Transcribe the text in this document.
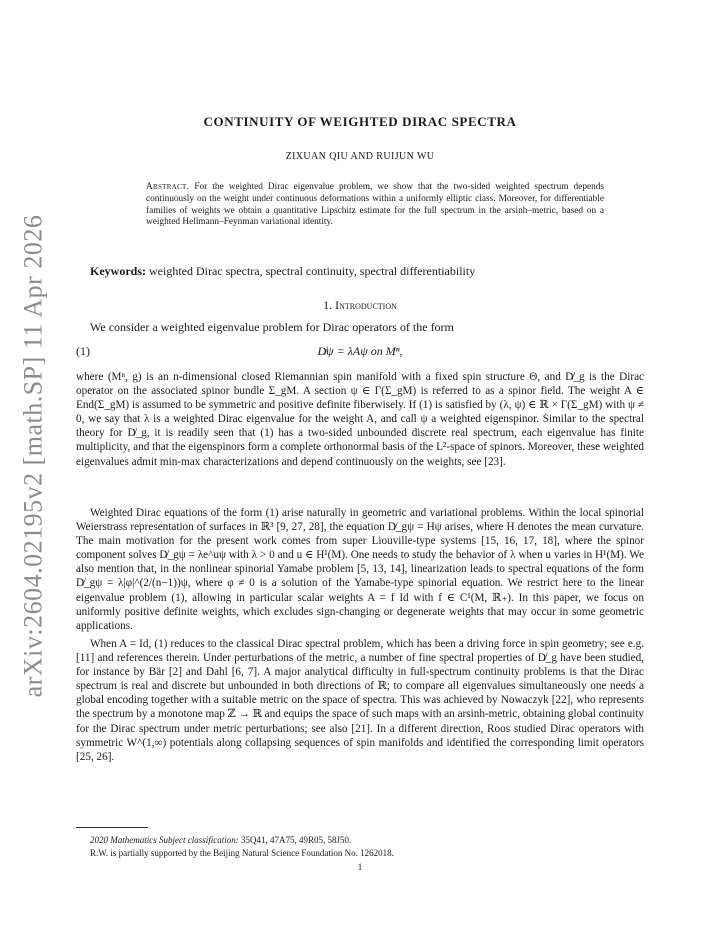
arXiv:2604.02195v2 [math.SP] 11 Apr 2026
CONTINUITY OF WEIGHTED DIRAC SPECTRA
ZIXUAN QIU AND RUIJUN WU
Abstract. For the weighted Dirac eigenvalue problem, we show that the two-sided weighted spectrum depends continuously on the weight under continuous deformations within a uniformly elliptic class. Moreover, for differentiable families of weights we obtain a quantitative Lipschitz estimate for the full spectrum in the arsinh–metric, based on a weighted Hellmann–Feynman variational identity.
Keywords: weighted Dirac spectra, spectral continuity, spectral differentiability
1. Introduction
We consider a weighted eigenvalue problem for Dirac operators of the form
(1)	D̸ψ = λAψ on Mⁿ,
where (Mⁿ, g) is an n-dimensional closed Riemannian spin manifold with a fixed spin structure Θ, and D̸_g is the Dirac operator on the associated spinor bundle Σ_gM. A section ψ ∈ Γ(Σ_gM) is referred to as a spinor field. The weight A ∈ End(Σ_gM) is assumed to be symmetric and positive definite fiberwisely. If (1) is satisfied by (λ, ψ) ∈ ℝ × Γ(Σ_gM) with ψ ≠ 0, we say that λ is a weighted Dirac eigenvalue for the weight A, and call ψ a weighted eigenspinor. Similar to the spectral theory for D̸_g, it is readily seen that (1) has a two-sided unbounded discrete real spectrum, each eigenvalue has finite multiplicity, and that the eigenspinors form a complete orthonormal basis of the L²-space of spinors. Moreover, these weighted eigenvalues admit min-max characterizations and depend continuously on the weights, see [23].
Weighted Dirac equations of the form (1) arise naturally in geometric and variational problems. Within the local spinorial Weierstrass representation of surfaces in ℝ³ [9, 27, 28], the equation D̸_gψ = Hψ arises, where H denotes the mean curvature. The main motivation for the present work comes from super Liouville-type systems [15, 16, 17, 18], where the spinor component solves D̸_gψ = λe^uψ with λ > 0 and u ∈ H¹(M). One needs to study the behavior of λ when u varies in H¹(M). We also mention that, in the nonlinear spinorial Yamabe problem [5, 13, 14], linearization leads to spectral equations of the form D̸_gψ = λ|φ|^(2/(n−1))ψ, where φ ≠ 0 is a solution of the Yamabe-type spinorial equation. We restrict here to the linear eigenvalue problem (1), allowing in particular scalar weights A = f Id with f ∈ C¹(M, ℝ₊). In this paper, we focus on uniformly positive definite weights, which excludes sign-changing or degenerate weights that may occur in some geometric applications.
When A = Id, (1) reduces to the classical Dirac spectral problem, which has been a driving force in spin geometry; see e.g. [11] and references therein. Under perturbations of the metric, a number of fine spectral properties of D̸_g have been studied, for instance by Bär [2] and Dahl [6, 7]. A major analytical difficulty in full-spectrum continuity problems is that the Dirac spectrum is real and discrete but unbounded in both directions of ℝ; to compare all eigenvalues simultaneously one needs a global encoding together with a suitable metric on the space of spectra. This was achieved by Nowaczyk [22], who represents the spectrum by a monotone map ℤ → ℝ and equips the space of such maps with an arsinh-metric, obtaining global continuity for the Dirac spectrum under metric perturbations; see also [21]. In a different direction, Roos studied Dirac operators with symmetric W^(1,∞) potentials along collapsing sequences of spin manifolds and identified the corresponding limit operators [25, 26].
2020 Mathematics Subject classification: 35Q41, 47A75, 49R05, 58J50.
R.W. is partially supported by the Beijing Natural Science Foundation No. 1262018.
1
